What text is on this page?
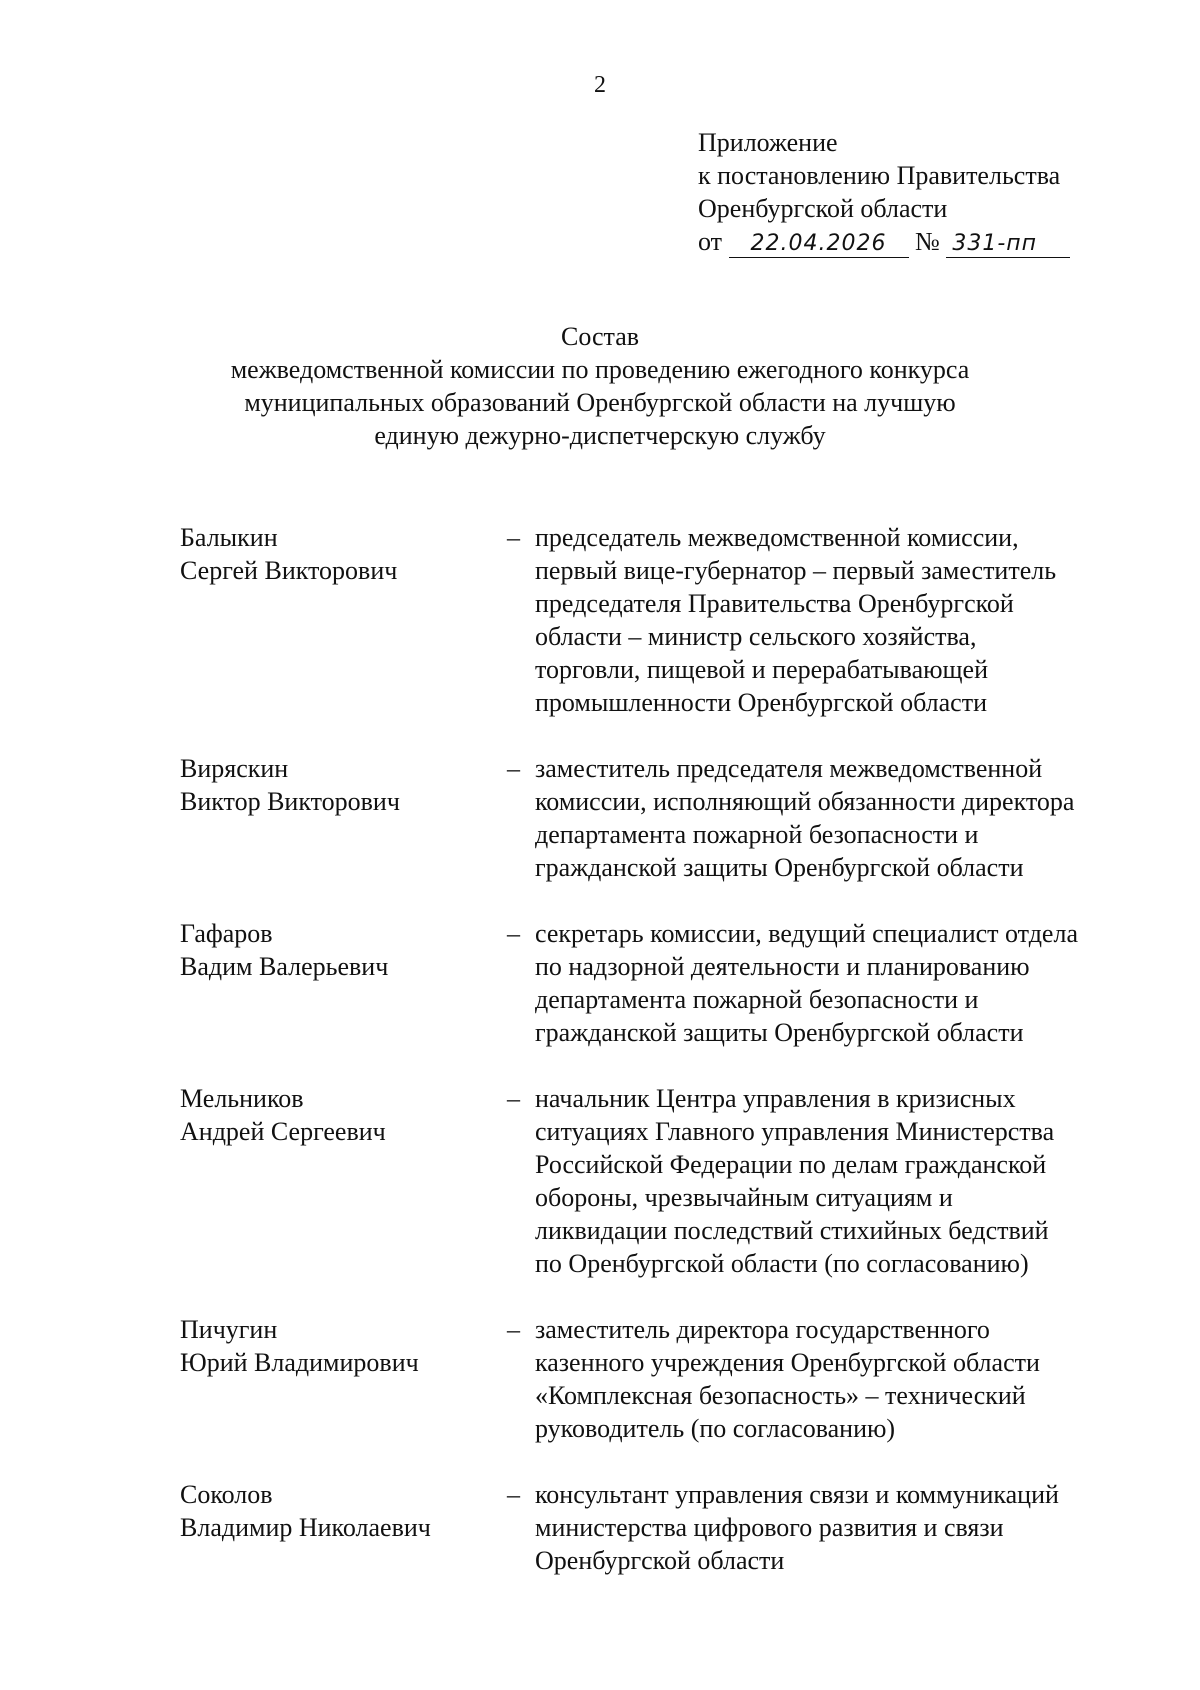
2
Приложение
к постановлению Правительства
Оренбургской области
от 22.04.2026 № 331-пп
Состав
межведомственной комиссии по проведению ежегодного конкурса
муниципальных образований Оренбургской области на лучшую
единую дежурно-диспетчерскую службу
Балыкин
Сергей Викторович
– председатель межведомственной комиссии,
первый вице-губернатор – первый заместитель
председателя Правительства Оренбургской
области – министр сельского хозяйства,
торговли, пищевой и перерабатывающей
промышленности Оренбургской области
Виряскин
Виктор Викторович
– заместитель председателя межведомственной
комиссии, исполняющий обязанности директора
департамента пожарной безопасности и
гражданской защиты Оренбургской области
Гафаров
Вадим Валерьевич
– секретарь комиссии, ведущий специалист отдела
по надзорной деятельности и планированию
департамента пожарной безопасности и
гражданской защиты Оренбургской области
Мельников
Андрей Сергеевич
– начальник Центра управления в кризисных
ситуациях Главного управления Министерства
Российской Федерации по делам гражданской
обороны, чрезвычайным ситуациям и
ликвидации последствий стихийных бедствий
по Оренбургской области (по согласованию)
Пичугин
Юрий Владимирович
– заместитель директора государственного
казенного учреждения Оренбургской области
«Комплексная безопасность» – технический
руководитель (по согласованию)
Соколов
Владимир Николаевич
– консультант управления связи и коммуникаций
министерства цифрового развития и связи
Оренбургской области
